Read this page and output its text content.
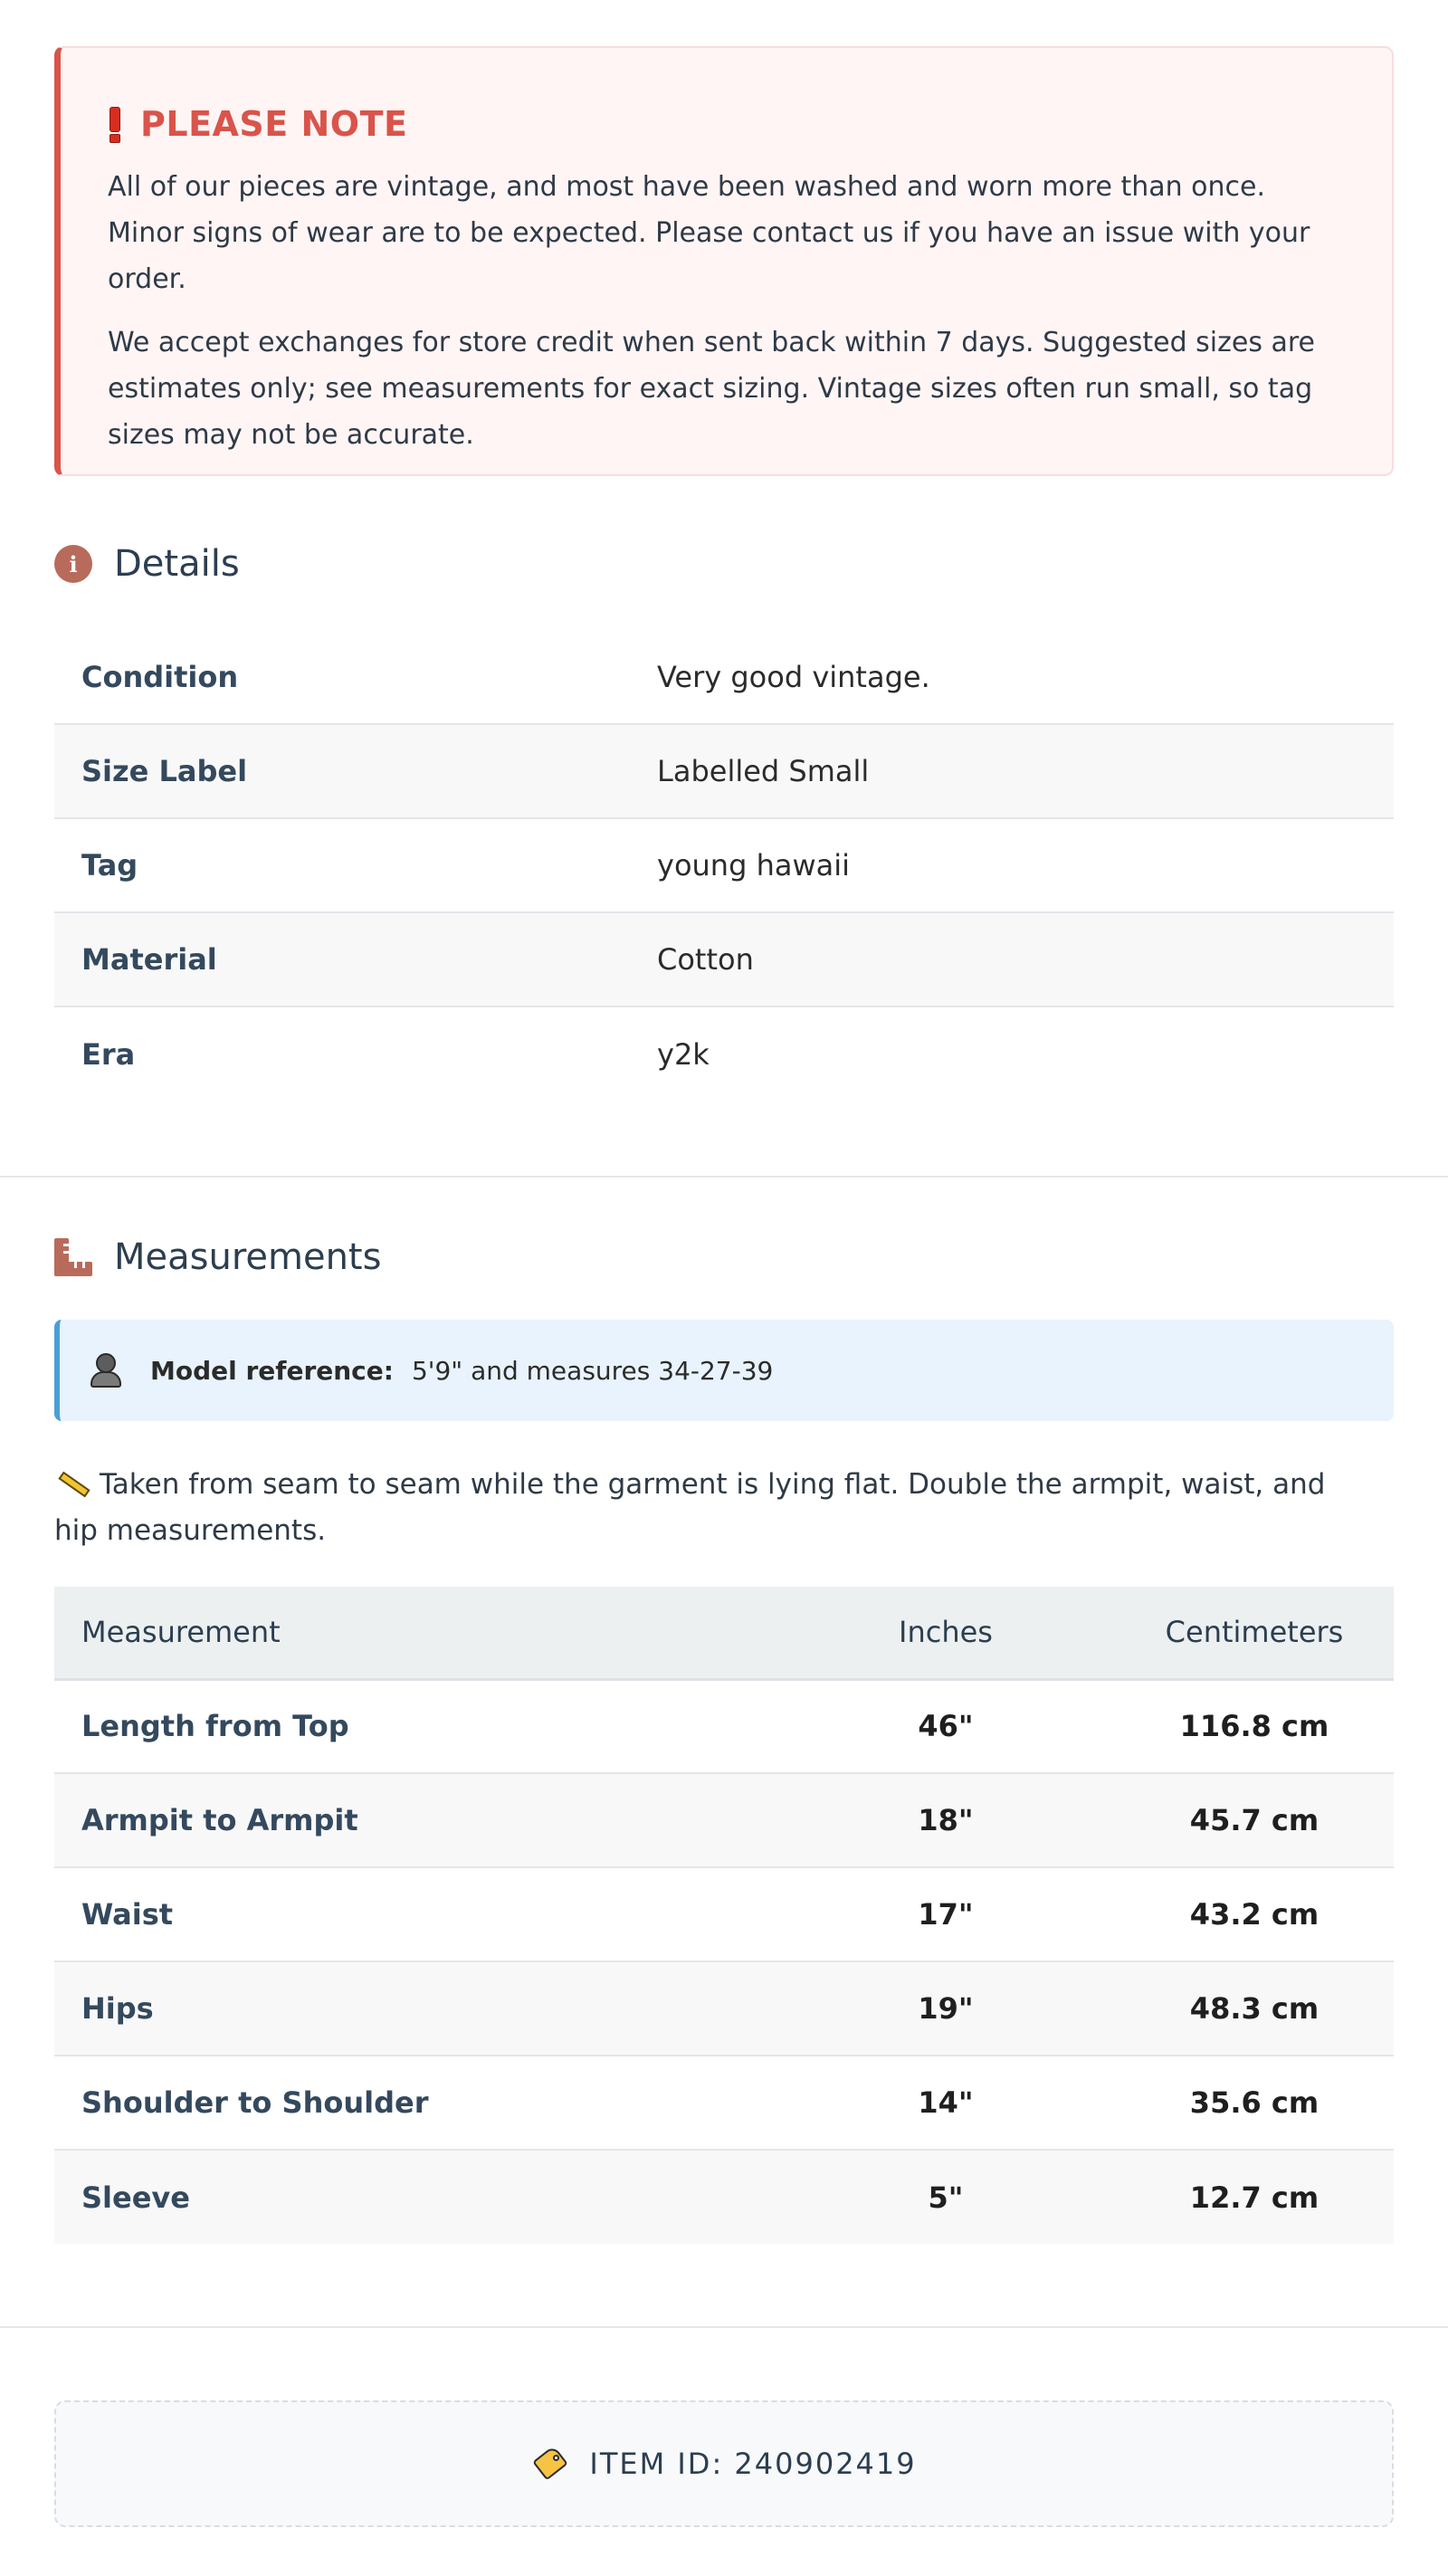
PLEASE NOTE

All of our pieces are vintage, and most have been washed and worn more than once. Minor signs of wear are to be expected. Please contact us if you have an issue with your order.

We accept exchanges for store credit when sent back within 7 days. Suggested sizes are estimates only; see measurements for exact sizing. Vintage sizes often run small, so tag sizes may not be accurate.

i	Details
Condition	Very good vintage.
Size Label	Labelled Small
Tag	young hawaii
Material	Cotton
Era	y2k
Measurements
Model reference: 5'9" and measures 34-27-39
Taken from seam to seam while the garment is lying flat. Double the armpit, waist, and hip measurements.
Measurement	Inches	Centimeters
Length from Top	46"	116.8 cm
Armpit to Armpit	18"	45.7 cm
Waist	17"	43.2 cm
Hips	19"	48.3 cm
Shoulder to Shoulder	14"	35.6 cm
Sleeve	5"	12.7 cm
ITEM ID: 240902419
